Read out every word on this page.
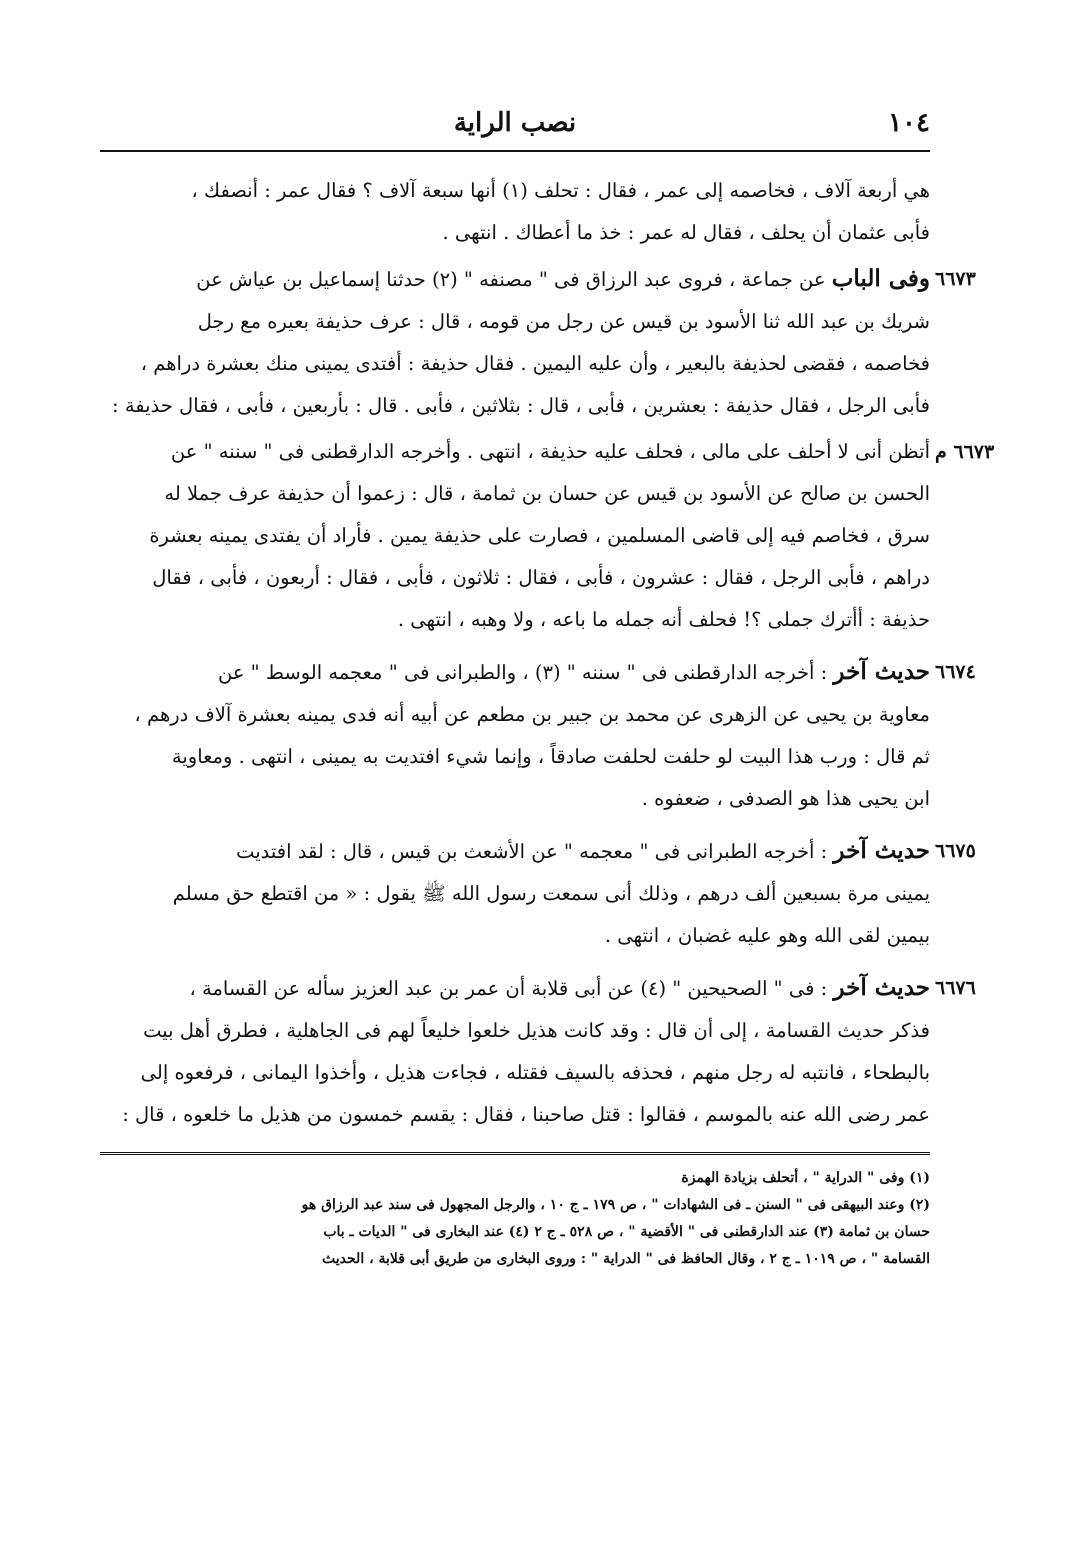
١٠٤
نصب الراية
هي أربعة آلاف ، فخاصمه إلى عمر ، فقال : تحلف (١) أنها سبعة آلاف ؟ فقال عمر : أنصفك ،
فأبى عثمان أن يحلف ، فقال له عمر : خذ ما أعطاك . انتهى .
٦٦٧٣
وفى الباب عن جماعة ، فروى عبد الرزاق فى " مصنفه " (٢) حدثنا إسماعيل بن عياش عن
شريك بن عبد الله ثنا الأسود بن قيس عن رجل من قومه ، قال : عرف حذيفة بعيره مع رجل
فخاصمه ، فقضى لحذيفة بالبعير ، وأن عليه اليمين . فقال حذيفة : أفتدى يمينى منك بعشرة دراهم ،
فأبى الرجل ، فقال حذيفة : بعشرين ، فأبى ، قال : بثلاثين ، فأبى . قال : بأربعين ، فأبى ، فقال حذيفة :
٦٦٧٣ م
أتظن أنى لا أحلف على مالى ، فحلف عليه حذيفة ، انتهى . وأخرجه الدارقطنى فى " سننه " عن
الحسن بن صالح عن الأسود بن قيس عن حسان بن ثمامة ، قال : زعموا أن حذيفة عرف جملا له
سرق ، فخاصم فيه إلى قاضى المسلمين ، فصارت على حذيفة يمين . فأراد أن يفتدى يمينه بعشرة
دراهم ، فأبى الرجل ، فقال : عشرون ، فأبى ، فقال : ثلاثون ، فأبى ، فقال : أربعون ، فأبى ، فقال
حذيفة : أأترك جملى ؟! فحلف أنه جمله ما باعه ، ولا وهبه ، انتهى .
٦٦٧٤
حديث آخر : أخرجه الدارقطنى فى " سننه " (٣) ، والطبرانى فى " معجمه الوسط " عن
معاوية بن يحيى عن الزهرى عن محمد بن جبير بن مطعم عن أبيه أنه فدى يمينه بعشرة آلاف درهم ،
ثم قال : ورب هذا البيت لو حلفت لحلفت صادقاً ، وإنما شيء افتديت به يمينى ، انتهى . ومعاوية
ابن يحيى هذا هو الصدفى ، ضعفوه .
٦٦٧٥
حديث آخر : أخرجه الطبرانى فى " معجمه " عن الأشعث بن قيس ، قال : لقد افتديت
يمينى مرة بسبعين ألف درهم ، وذلك أنى سمعت رسول الله ﷺ يقول : « من اقتطع حق مسلم
بيمين لقى الله وهو عليه غضبان ، انتهى .
٦٦٧٦
حديث آخر : فى " الصحيحين " (٤) عن أبى قلابة أن عمر بن عبد العزيز سأله عن القسامة ،
فذكر حديث القسامة ، إلى أن قال : وقد كانت هذيل خلعوا خليعاً لهم فى الجاهلية ، فطرق أهل بيت
بالبطحاء ، فانتبه له رجل منهم ، فحذفه بالسيف فقتله ، فجاءت هذيل ، وأخذوا اليمانى ، فرفعوه إلى
عمر رضى الله عنه بالموسم ، فقالوا : قتل صاحبنا ، فقال : يقسم خمسون من هذيل ما خلعوه ، قال :
(١) وفى " الدراية " ، أتحلف بزيادة الهمزة
(٢) وعند البيهقى فى " السنن ـ فى الشهادات " ، ص ١٧٩ ـ ج ١٠ ، والرجل المجهول فى سند عبد الرزاق هو
حسان بن ثمامة (٣) عند الدارقطنى فى " الأقضية " ، ص ٥٢٨ ـ ج ٢ (٤) عند البخارى فى " الديات ـ باب
القسامة " ، ص ١٠١٩ ـ ج ٢ ، وقال الحافظ فى " الدراية " : وروى البخارى من طريق أبى قلابة ، الحديث
